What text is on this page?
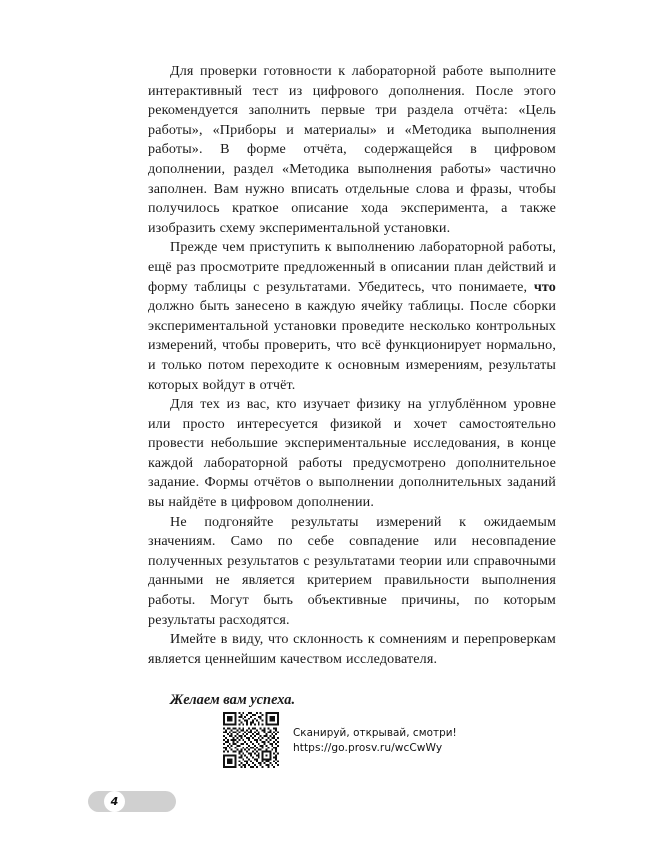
Для проверки готовности к лабораторной работе выполните интерактивный тест из цифрового дополнения. После этого рекомендуется заполнить первые три раздела отчёта: «Цель работы», «Приборы и материалы» и «Методика выполнения работы». В форме отчёта, содержащейся в цифровом дополнении, раздел «Методика выполнения работы» частично заполнен. Вам нужно вписать отдельные слова и фразы, чтобы получилось краткое описание хода эксперимента, а также изобразить схему экспериментальной установки.

Прежде чем приступить к выполнению лабораторной работы, ещё раз просмотрите предложенный в описании план действий и форму таблицы с результатами. Убедитесь, что понимаете, что должно быть занесено в каждую ячейку таблицы. После сборки экспериментальной установки проведите несколько контрольных измерений, чтобы проверить, что всё функционирует нормально, и только потом переходите к основным измерениям, результаты которых войдут в отчёт.

Для тех из вас, кто изучает физику на углублённом уровне или просто интересуется физикой и хочет самостоятельно провести небольшие экспериментальные исследования, в конце каждой лабораторной работы предусмотрено дополнительное задание. Формы отчётов о выполнении дополнительных заданий вы найдёте в цифровом дополнении.

Не подгоняйте результаты измерений к ожидаемым значениям. Само по себе совпадение или несовпадение полученных результатов с результатами теории или справочными данными не является критерием правильности выполнения работы. Могут быть объективные причины, по которым результаты расходятся.

Имейте в виду, что склонность к сомнениям и перепроверкам является ценнейшим качеством исследователя.

Желаем вам успеха.

Сканируй, открывай, смотри!
https://go.prosv.ru/wcCwWy
4
